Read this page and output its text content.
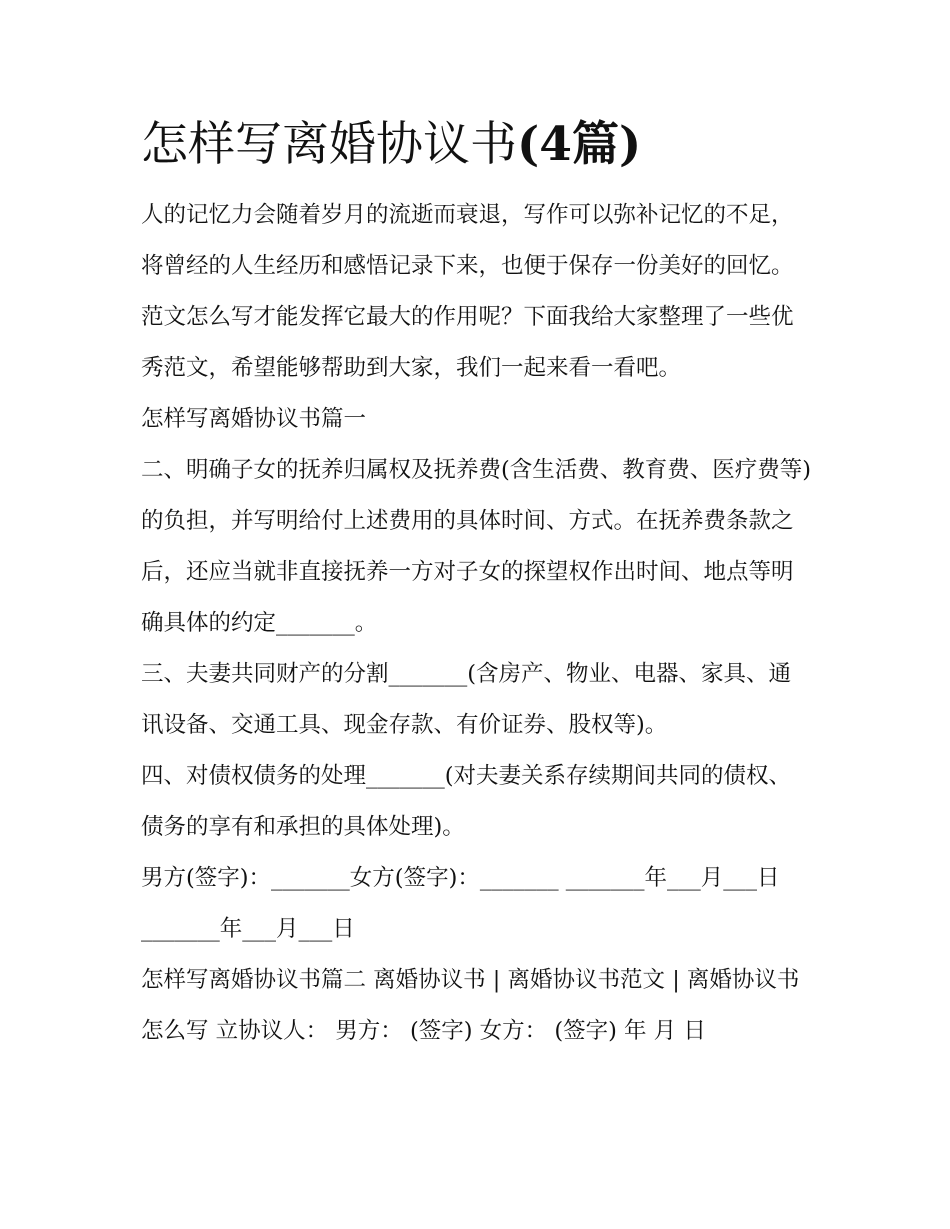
怎样写离婚协议书(4篇)

人的记忆力会随着岁月的流逝而衰退，写作可以弥补记忆的不足，将曾经的人生经历和感悟记录下来，也便于保存一份美好的回忆。范文怎么写才能发挥它最大的作用呢？下面我给大家整理了一些优秀范文，希望能够帮助到大家，我们一起来看一看吧。

怎样写离婚协议书篇一

二、明确子女的抚养归属权及抚养费(含生活费、教育费、医疗费等)的负担，并写明给付上述费用的具体时间、方式。在抚养费条款之后，还应当就非直接抚养一方对子女的探望权作出时间、地点等明确具体的约定_______。

三、夫妻共同财产的分割_______(含房产、物业、电器、家具、通讯设备、交通工具、现金存款、有价证券、股权等)。

四、对债权债务的处理_______(对夫妻关系存续期间共同的债权、债务的享有和承担的具体处理)。

男方(签字)：_______女方(签字)：_______ _______年___月___日_______年___月___日

怎样写离婚协议书篇二 离婚协议书 | 离婚协议书范文 | 离婚协议书怎么写 立协议人： 男方： (签字) 女方： (签字) 年 月 日
